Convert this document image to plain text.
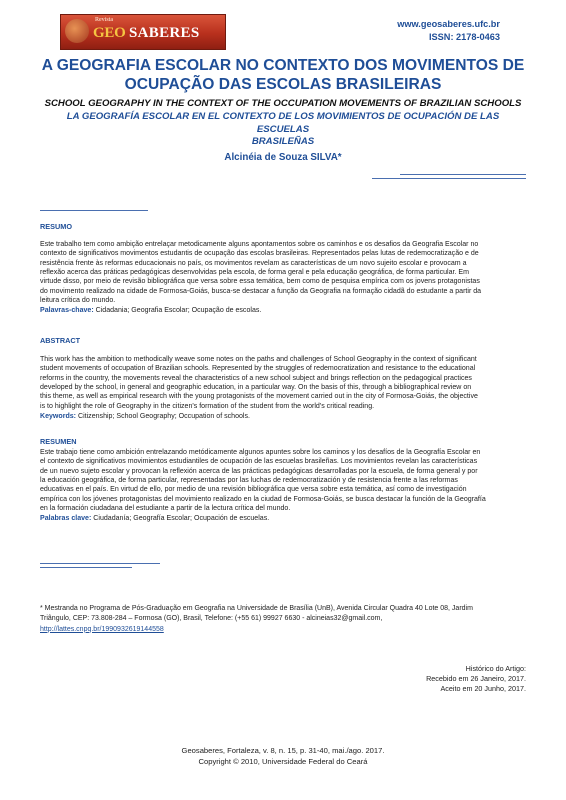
Revista
GEO SABERES
www.geosaberes.ufc.br
ISSN: 2178-0463
A GEOGRAFIA ESCOLAR NO CONTEXTO DOS MOVIMENTOS DE
OCUPAÇÃO DAS ESCOLAS BRASILEIRAS
SCHOOL GEOGRAPHY IN THE CONTEXT OF THE OCCUPATION MOVEMENTS OF BRAZILIAN SCHOOLS
LA GEOGRAFÍA ESCOLAR EN EL CONTEXTO DE LOS MOVIMIENTOS DE OCUPACIÓN DE LAS ESCUELAS
BRASILEÑAS
Alcinéia de Souza SILVA*
RESUMO
Este trabalho tem como ambição entrelaçar metodicamente alguns apontamentos sobre os caminhos e os desafios da Geografia Escolar no
contexto de significativos movimentos estudantis de ocupação das escolas brasileiras. Representados pelas lutas de redemocratização e de
resistência frente às reformas educacionais no país, os movimentos revelam as características de um novo sujeito escolar e provocam a
reflexão acerca das práticas pedagógicas desenvolvidas pela escola, de forma geral e pela educação geográfica, de forma particular. Em
virtude disso, por meio de revisão bibliográfica que versa sobre essa temática, bem como de pesquisa empírica com os jovens protagonistas
do movimento realizado na cidade de Formosa-Goiás, busca-se destacar a função da Geografia na formação cidadã do estudante a partir da
leitura crítica do mundo.
Palavras-chave: Cidadania; Geografia Escolar; Ocupação de escolas.
ABSTRACT
This work has the ambition to methodically weave some notes on the paths and challenges of School Geography in the context of significant
student movements of occupation of Brazilian schools. Represented by the struggles of redemocratization and resistance to the educational
reforms in the country, the movements reveal the characteristics of a new school subject and brings reflection on the pedagogical practices
developed by the school, in general and geographic education, in a particular way. On the basis of this, through a bibliographical review on
this theme, as well as empirical research with the young protagonists of the movement carried out in the city of Formosa-Goiás, the objective
is to highlight the role of Geography in the citizen's formation of the student from the world's critical reading.
Keywords: Citizenship; School Geography; Occupation of schools.
RESUMEN
Este trabajo tiene como ambición entrelazando metódicamente algunos apuntes sobre los caminos y los desafíos de la Geografía Escolar en
el contexto de significativos movimientos estudiantiles de ocupación de las escuelas brasileñas. Los movimientos revelan las características
de un nuevo sujeto escolar y provocan la reflexión acerca de las prácticas pedagógicas desarrolladas por la escuela, de forma general y por
la educación geográfica, de forma particular, representadas por las luchas de redemocratización y de resistencia frente a las reformas
educativas en el país. En virtud de ello, por medio de una revisión bibliográfica que versa sobre esta temática, así como de investigación
empírica con los jóvenes protagonistas del movimiento realizado en la ciudad de Formosa-Goiás, se busca destacar la función de la Geografía
en la formación ciudadana del estudiante a partir de la lectura crítica del mundo.
Palabras clave: Ciudadanía; Geografía Escolar; Ocupación de escuelas.
* Mestranda no Programa de Pós-Graduação em Geografia na Universidade de Brasília (UnB), Avenida Circular Quadra 40 Lote 08, Jardim
Triângulo, CEP: 73.808-284 – Formosa (GO), Brasil, Telefone: (+55 61) 99927 6630 - alcineias32@gmail.com,
http://lattes.cnpq.br/1990932619144558
Histórico do Artigo:
Recebido em 26 Janeiro, 2017.
Aceito em 20 Junho, 2017.
Geosaberes, Fortaleza, v. 8, n. 15, p. 31-40, mai./ago. 2017.
Copyright © 2010, Universidade Federal do Ceará
